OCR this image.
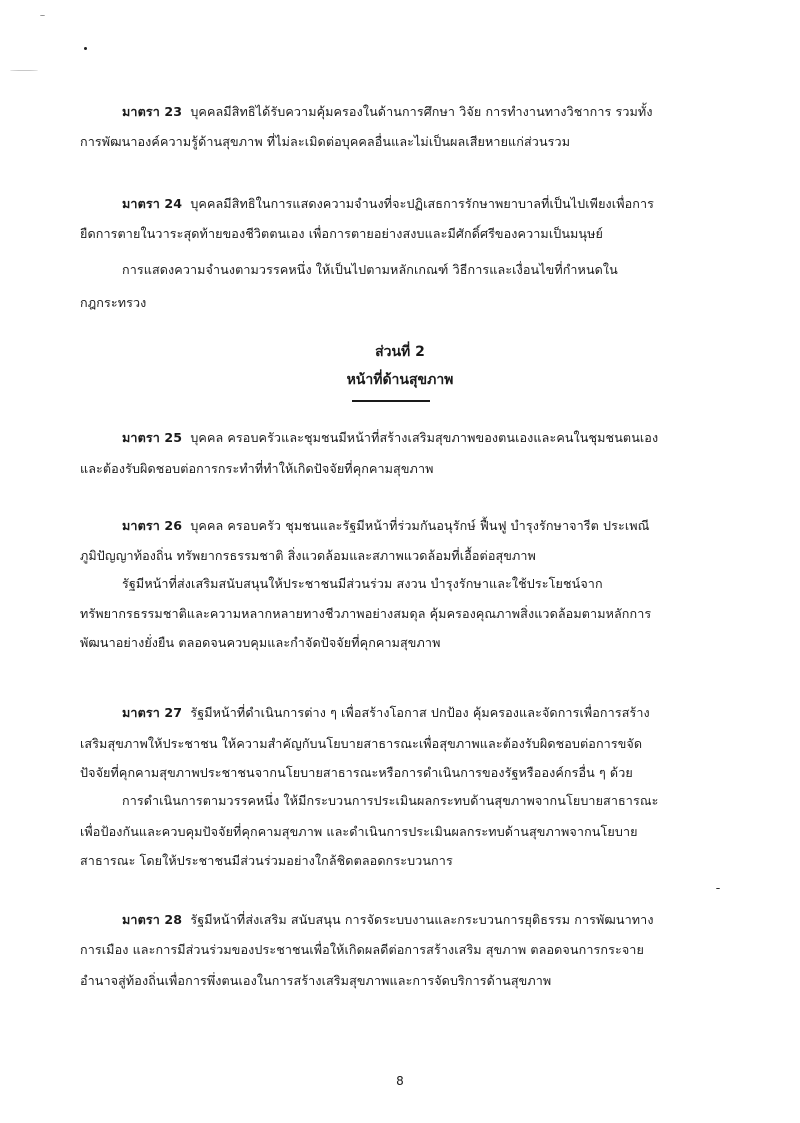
มาตรา 23 บุคคลมีสิทธิได้รับความคุ้มครองในด้านการศึกษา วิจัย การทำงานทางวิชาการ รวมทั้ง
การพัฒนาองค์ความรู้ด้านสุขภาพ ที่ไม่ละเมิดต่อบุคคลอื่นและไม่เป็นผลเสียหายแก่ส่วนรวม
มาตรา 24 บุคคลมีสิทธิในการแสดงความจำนงที่จะปฏิเสธการรักษาพยาบาลที่เป็นไปเพียงเพื่อการ
ยืดการตายในวาระสุดท้ายของชีวิตตนเอง เพื่อการตายอย่างสงบและมีศักดิ์ศรีของความเป็นมนุษย์
การแสดงความจำนงตามวรรคหนึ่ง ให้เป็นไปตามหลักเกณฑ์ วิธีการและเงื่อนไขที่กำหนดใน
กฎกระทรวง
ส่วนที่ 2
หน้าที่ด้านสุขภาพ
มาตรา 25 บุคคล ครอบครัวและชุมชนมีหน้าที่สร้างเสริมสุขภาพของตนเองและคนในชุมชนตนเอง
และต้องรับผิดชอบต่อการกระทำที่ทำให้เกิดปัจจัยที่คุกคามสุขภาพ
มาตรา 26 บุคคล ครอบครัว ชุมชนและรัฐมีหน้าที่ร่วมกันอนุรักษ์ ฟื้นฟู บำรุงรักษาจารีต ประเพณี
ภูมิปัญญาท้องถิ่น ทรัพยากรธรรมชาติ สิ่งแวดล้อมและสภาพแวดล้อมที่เอื้อต่อสุขภาพ
รัฐมีหน้าที่ส่งเสริมสนับสนุนให้ประชาชนมีส่วนร่วม สงวน บำรุงรักษาและใช้ประโยชน์จาก
ทรัพยากรธรรมชาติและความหลากหลายทางชีวภาพอย่างสมดุล คุ้มครองคุณภาพสิ่งแวดล้อมตามหลักการ
พัฒนาอย่างยั่งยืน ตลอดจนควบคุมและกำจัดปัจจัยที่คุกคามสุขภาพ
มาตรา 27 รัฐมีหน้าที่ดำเนินการต่าง ๆ เพื่อสร้างโอกาส ปกป้อง คุ้มครองและจัดการเพื่อการสร้าง
เสริมสุขภาพให้ประชาชน ให้ความสำคัญกับนโยบายสาธารณะเพื่อสุขภาพและต้องรับผิดชอบต่อการขจัด
ปัจจัยที่คุกคามสุขภาพประชาชนจากนโยบายสาธารณะหรือการดำเนินการของรัฐหรือองค์กรอื่น ๆ ด้วย
การดำเนินการตามวรรคหนึ่ง ให้มีกระบวนการประเมินผลกระทบด้านสุขภาพจากนโยบายสาธารณะ
เพื่อป้องกันและควบคุมปัจจัยที่คุกคามสุขภาพ และดำเนินการประเมินผลกระทบด้านสุขภาพจากนโยบาย
สาธารณะ โดยให้ประชาชนมีส่วนร่วมอย่างใกล้ชิดตลอดกระบวนการ
มาตรา 28 รัฐมีหน้าที่ส่งเสริม สนับสนุน การจัดระบบงานและกระบวนการยุติธรรม การพัฒนาทาง
การเมือง และการมีส่วนร่วมของประชาชนเพื่อให้เกิดผลดีต่อการสร้างเสริม สุขภาพ ตลอดจนการกระจาย
อำนาจสู่ท้องถิ่นเพื่อการพึ่งตนเองในการสร้างเสริมสุขภาพและการจัดบริการด้านสุขภาพ
8
